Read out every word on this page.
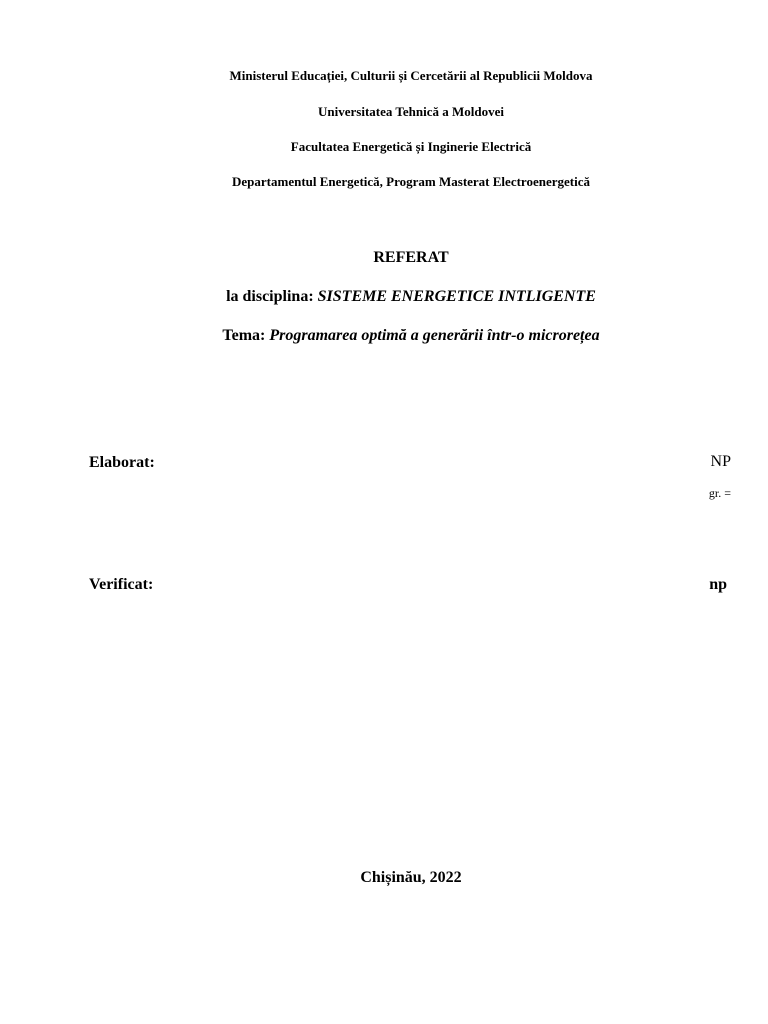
Ministerul Educației, Culturii și Cercetării al Republicii Moldova
Universitatea Tehnică a Moldovei
Facultatea Energetică și Inginerie Electrică
Departamentul Energetică, Program Masterat Electroenergetică
REFERAT
la disciplina: SISTEME ENERGETICE INTLIGENTE
Tema: Programarea optimă a generării într-o microrețea
Elaborat:	NP
gr. =
Verificat:	np
Chișinău, 2022
